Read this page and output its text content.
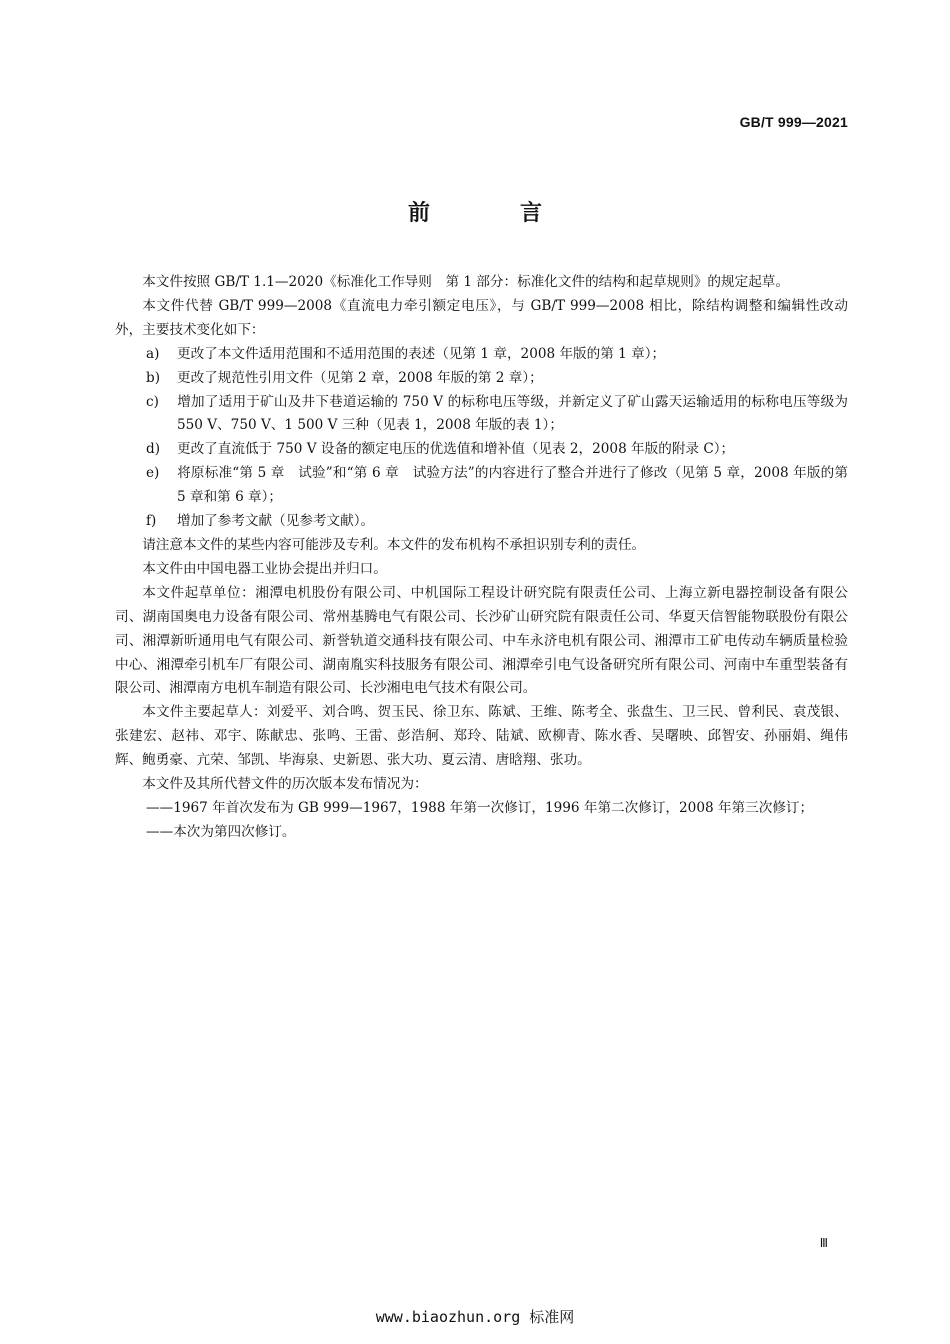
GB/T 999—2021
前　言

本文件按照 GB/T 1.1—2020《标准化工作导则　第 1 部分：标准化文件的结构和起草规则》的规定起草。

本文件代替 GB/T 999—2008《直流电力牵引额定电压》，与 GB/T 999—2008 相比，除结构调整和编辑性改动外，主要技术变化如下：

a) 更改了本文件适用范围和不适用范围的表述（见第 1 章，2008 年版的第 1 章）；

b) 更改了规范性引用文件（见第 2 章，2008 年版的第 2 章）；

c) 增加了适用于矿山及井下巷道运输的 750 V 的标称电压等级，并新定义了矿山露天运输适用的标称电压等级为 550 V、750 V、1 500 V 三种（见表 1，2008 年版的表 1）；

d) 更改了直流低于 750 V 设备的额定电压的优选值和增补值（见表 2，2008 年版的附录 C）；

e) 将原标准“第 5 章　试验”和“第 6 章　试验方法”的内容进行了整合并进行了修改（见第 5 章，2008 年版的第 5 章和第 6 章）；

f) 增加了参考文献（见参考文献）。

请注意本文件的某些内容可能涉及专利。本文件的发布机构不承担识别专利的责任。

本文件由中国电器工业协会提出并归口。

本文件起草单位：湘潭电机股份有限公司、中机国际工程设计研究院有限责任公司、上海立新电器控制设备有限公司、湖南国奥电力设备有限公司、常州基腾电气有限公司、长沙矿山研究院有限责任公司、华夏天信智能物联股份有限公司、湘潭新昕通用电气有限公司、新誉轨道交通科技有限公司、中车永济电机有限公司、湘潭市工矿电传动车辆质量检验中心、湘潭牵引机车厂有限公司、湖南胤实科技服务有限公司、湘潭牵引电气设备研究所有限公司、河南中车重型装备有限公司、湘潭南方电机车制造有限公司、长沙湘电电气技术有限公司。

本文件主要起草人：刘爱平、刘合鸣、贺玉民、徐卫东、陈斌、王维、陈考全、张盘生、卫三民、曾利民、袁茂银、张建宏、赵祎、邓宇、陈献忠、张鸣、王雷、彭浩舸、郑玲、陆斌、欧柳青、陈水香、吴曙映、邱智安、孙丽娟、绳伟辉、鲍勇豪、亢荣、邹凯、毕海泉、史新恩、张大功、夏云清、唐晗翔、张功。

本文件及其所代替文件的历次版本发布情况为：

——1967 年首次发布为 GB 999—1967，1988 年第一次修订，1996 年第二次修订，2008 年第三次修订；

——本次为第四次修订。

Ⅲ
www.biaozhun.org 标准网
